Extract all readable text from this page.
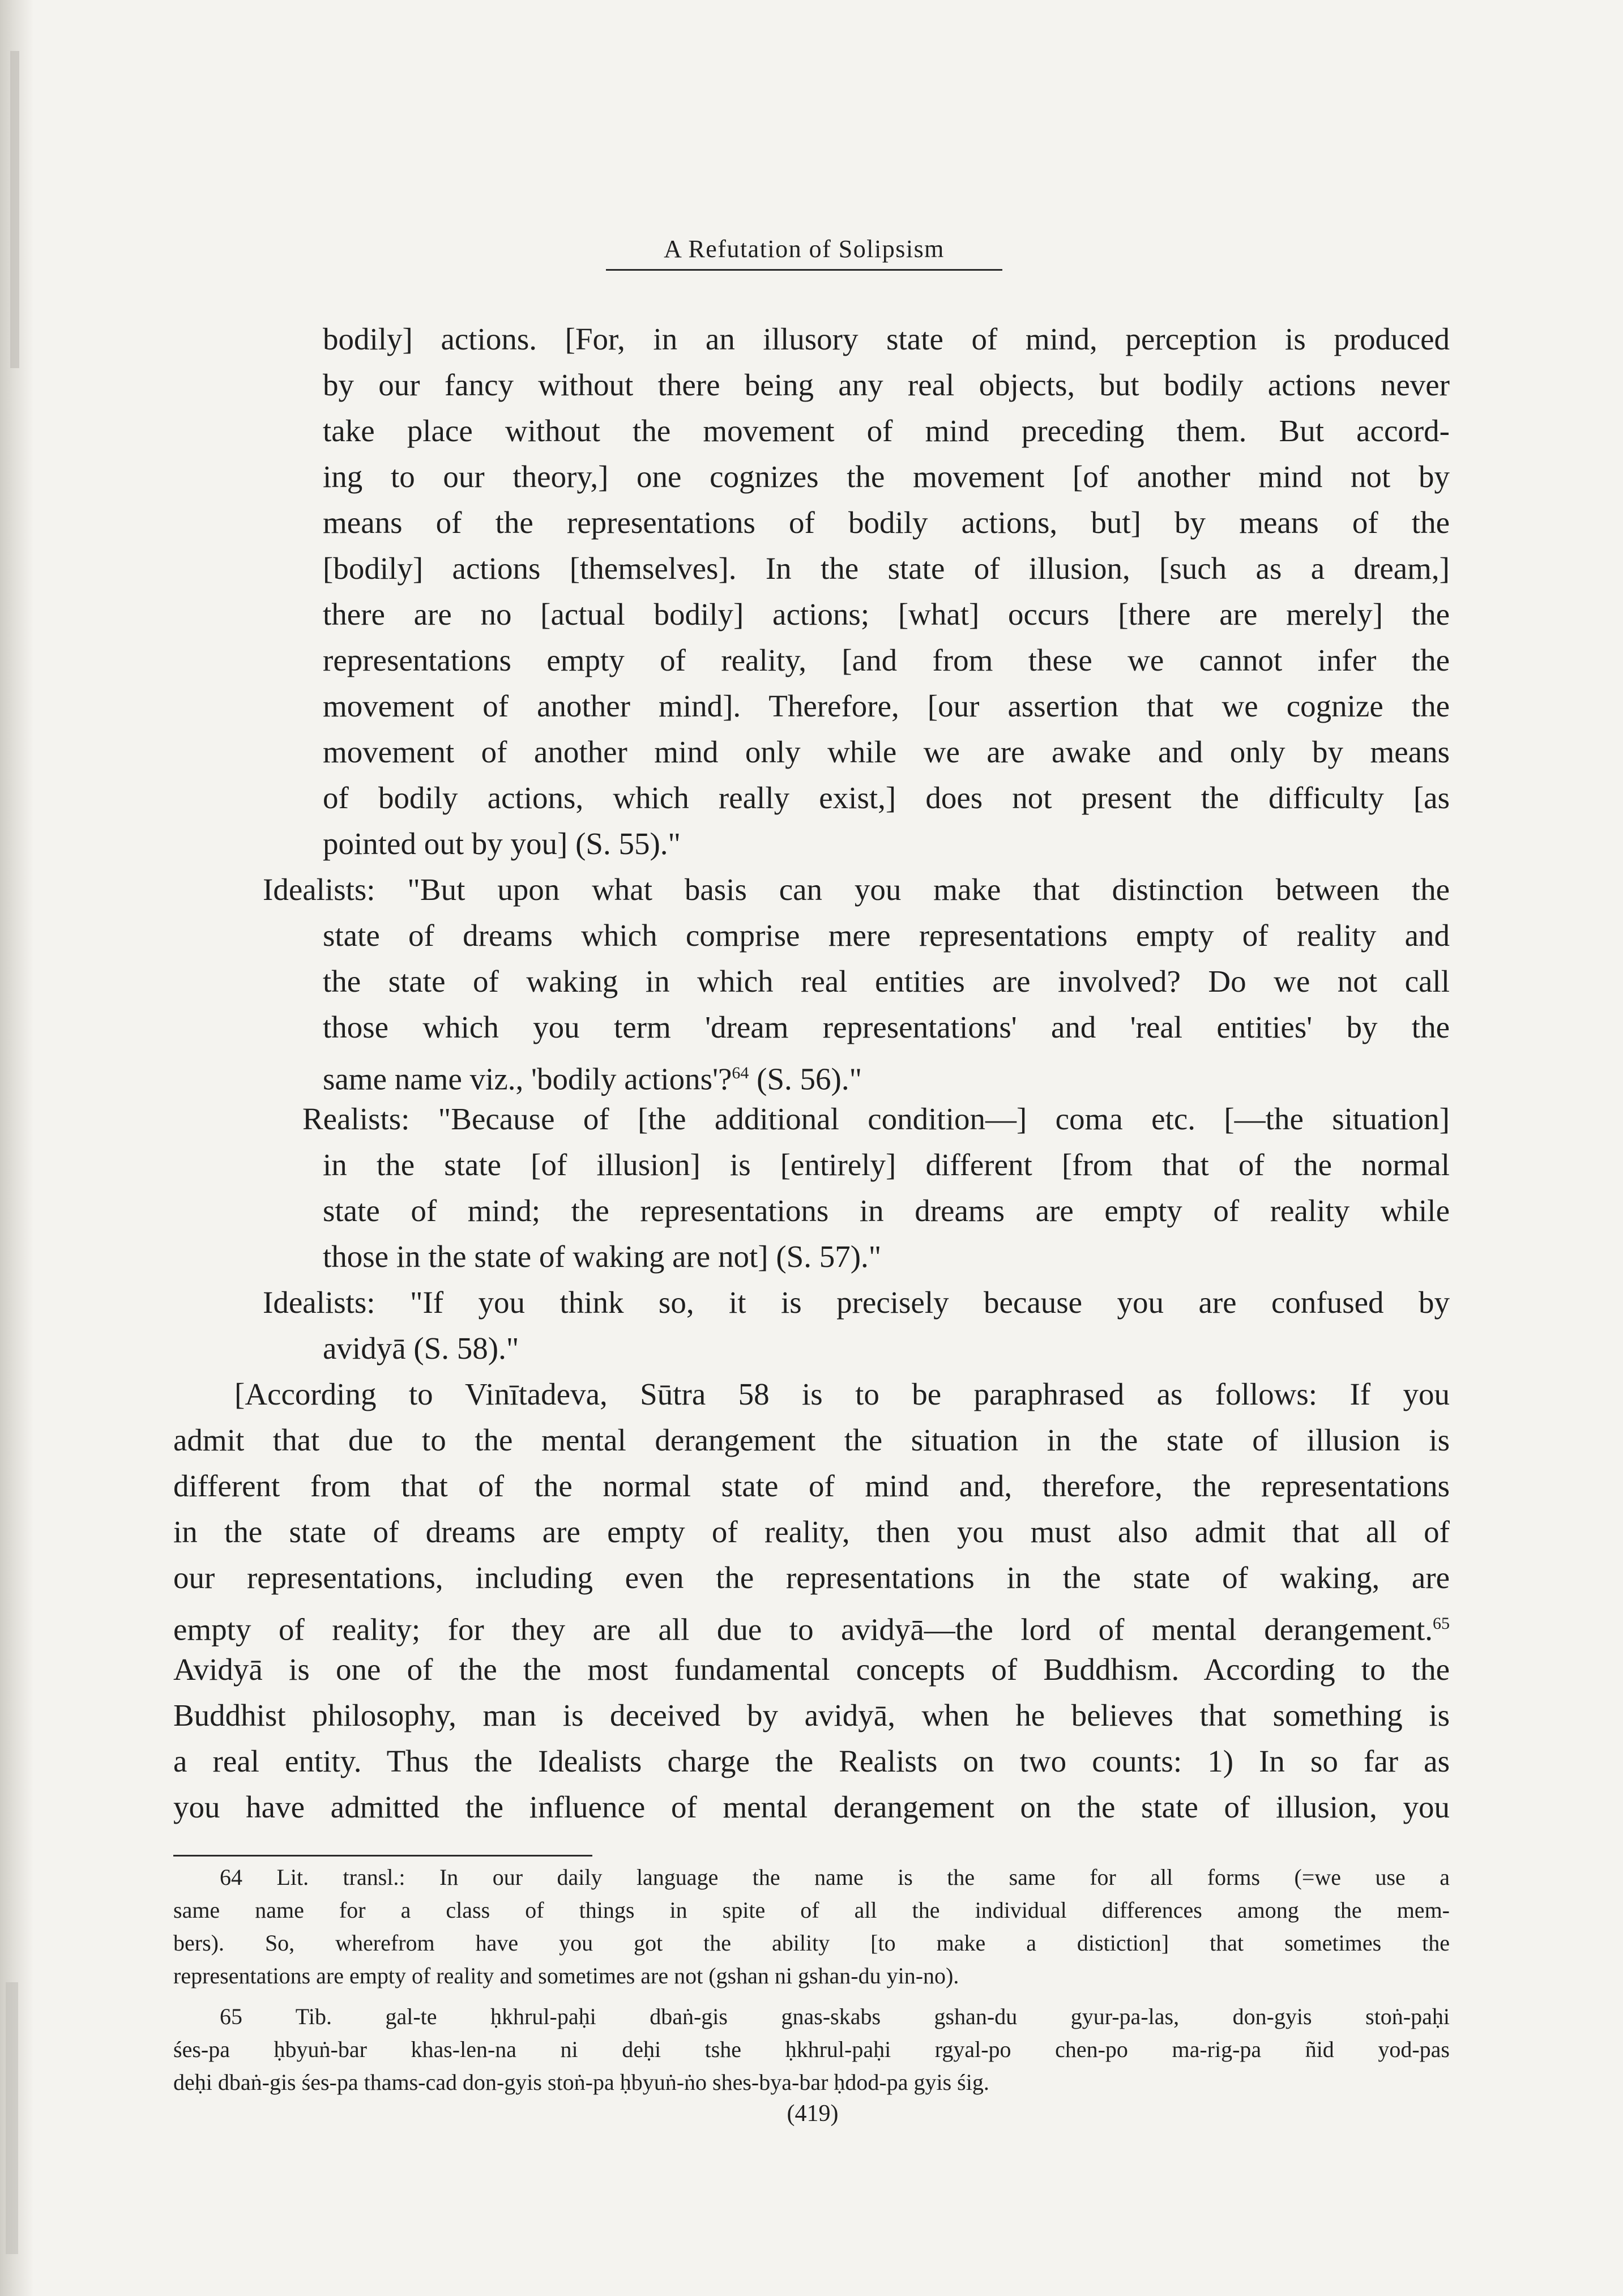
A Refutation of Solipsism
bodily] actions. [For, in an illusory state of mind, perception is produced
by our fancy without there being any real objects, but bodily actions never
take place without the movement of mind preceding them. But accord-
ing to our theory,] one cognizes the movement [of another mind not by
means of the representations of bodily actions, but] by means of the
[bodily] actions [themselves]. In the state of illusion, [such as a dream,]
there are no [actual bodily] actions; [what] occurs [there are merely] the
representations empty of reality, [and from these we cannot infer the
movement of another mind]. Therefore, [our assertion that we cognize the
movement of another mind only while we are awake and only by means
of bodily actions, which really exist,] does not present the difficulty [as
pointed out by you] (S. 55)."
Idealists: "But upon what basis can you make that distinction between the
state of dreams which comprise mere representations empty of reality and
the state of waking in which real entities are involved? Do we not call
those which you term 'dream representations' and 'real entities' by the
same name viz., 'bodily actions'?$^{64}$ (S. 56)."
Realists: "Because of [the additional condition—] coma etc. [—the situation]
in the state [of illusion] is [entirely] different [from that of the normal
state of mind; the representations in dreams are empty of reality while
those in the state of waking are not] (S. 57)."
Idealists: "If you think so, it is precisely because you are confused by
avidyā (S. 58)."
[According to Vinītadeva, Sūtra 58 is to be paraphrased as follows: If you
admit that due to the mental derangement the situation in the state of illusion is
different from that of the normal state of mind and, therefore, the representations
in the state of dreams are empty of reality, then you must also admit that all of
our representations, including even the representations in the state of waking, are
empty of reality; for they are all due to avidyā—the lord of mental derangement.$^{65}$
Avidyā is one of the the most fundamental concepts of Buddhism. According to the
Buddhist philosophy, man is deceived by avidyā, when he believes that something is
a real entity. Thus the Idealists charge the Realists on two counts: 1) In so far as
you have admitted the influence of mental derangement on the state of illusion, you
64 Lit. transl.: In our daily language the name is the same for all forms (=we use a
same name for a class of things in spite of all the individual differences among the mem-
bers). So, wherefrom have you got the ability [to make a distiction] that sometimes the
representations are empty of reality and sometimes are not (gshan ni gshan-du yin-no).
65 Tib. gal-te ḥkhrul-paḥi dbaṅ-gis gnas-skabs gshan-du gyur-pa-las, don-gyis stoṅ-paḥi
śes-pa ḥbyuṅ-bar khas-len-na ni deḥi tshe ḥkhrul-paḥi rgyal-po chen-po ma-rig-pa ñid yod-pas
deḥi dbaṅ-gis śes-pa thams-cad don-gyis stoṅ-pa ḥbyuṅ-ṅo shes-bya-bar ḥdod-pa gyis śig.
(419)
